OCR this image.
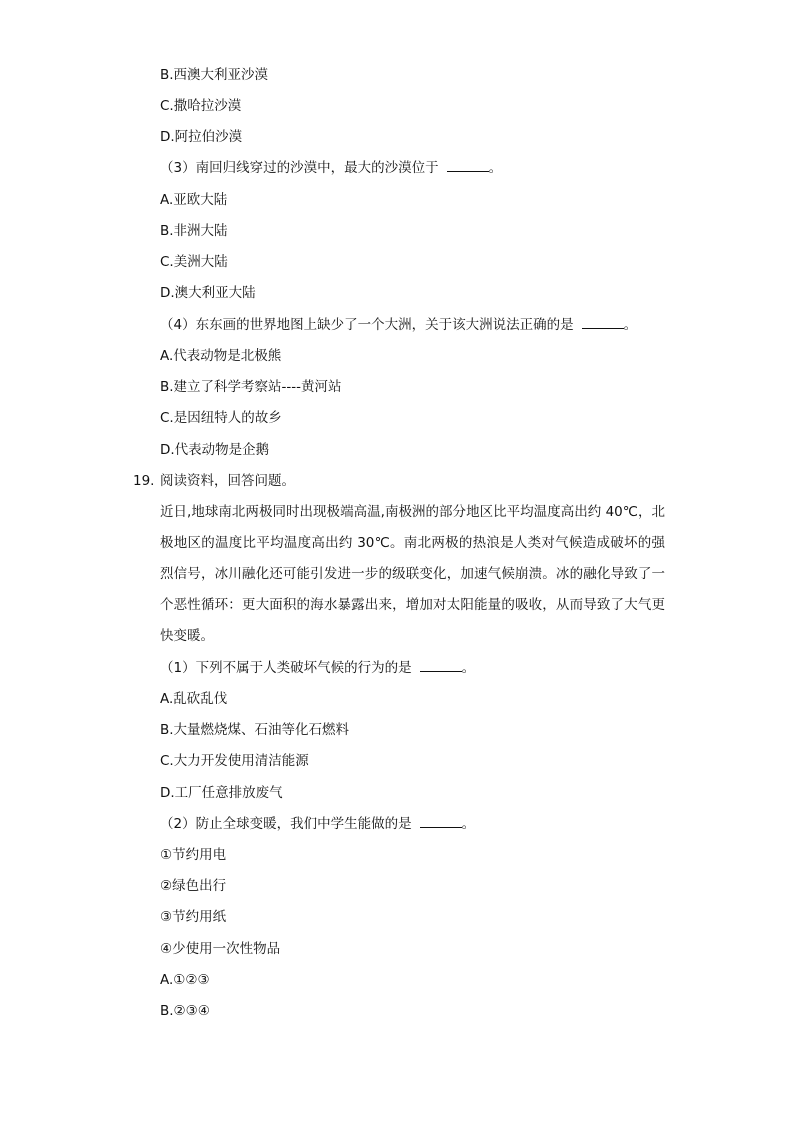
B.西澳大利亚沙漠
C.撒哈拉沙漠
D.阿拉伯沙漠
（3）南回归线穿过的沙漠中，最大的沙漠位于	。
A.亚欧大陆
B.非洲大陆
C.美洲大陆
D.澳大利亚大陆
（4）东东画的世界地图上缺少了一个大洲，关于该大洲说法正确的是	。
A.代表动物是北极熊
B.建立了科学考察站----黄河站
C.是因纽特人的故乡
D.代表动物是企鹅
19. 阅读资料，回答问题。
近日,地球南北两极同时出现极端高温,南极洲的部分地区比平均温度高出约 40℃，北极地区的温度比平均温度高出约 30℃。南北两极的热浪是人类对气候造成破坏的强烈信号，冰川融化还可能引发进一步的级联变化，加速气候崩溃。冰的融化导致了一个恶性循环：更大面积的海水暴露出来，增加对太阳能量的吸收，从而导致了大气更快变暖。
（1）下列不属于人类破坏气候的行为的是	。
A.乱砍乱伐
B.大量燃烧煤、石油等化石燃料
C.大力开发使用清洁能源
D.工厂任意排放废气
（2）防止全球变暖，我们中学生能做的是	。
①节约用电
②绿色出行
③节约用纸
④少使用一次性物品
A.①②③
B.②③④
